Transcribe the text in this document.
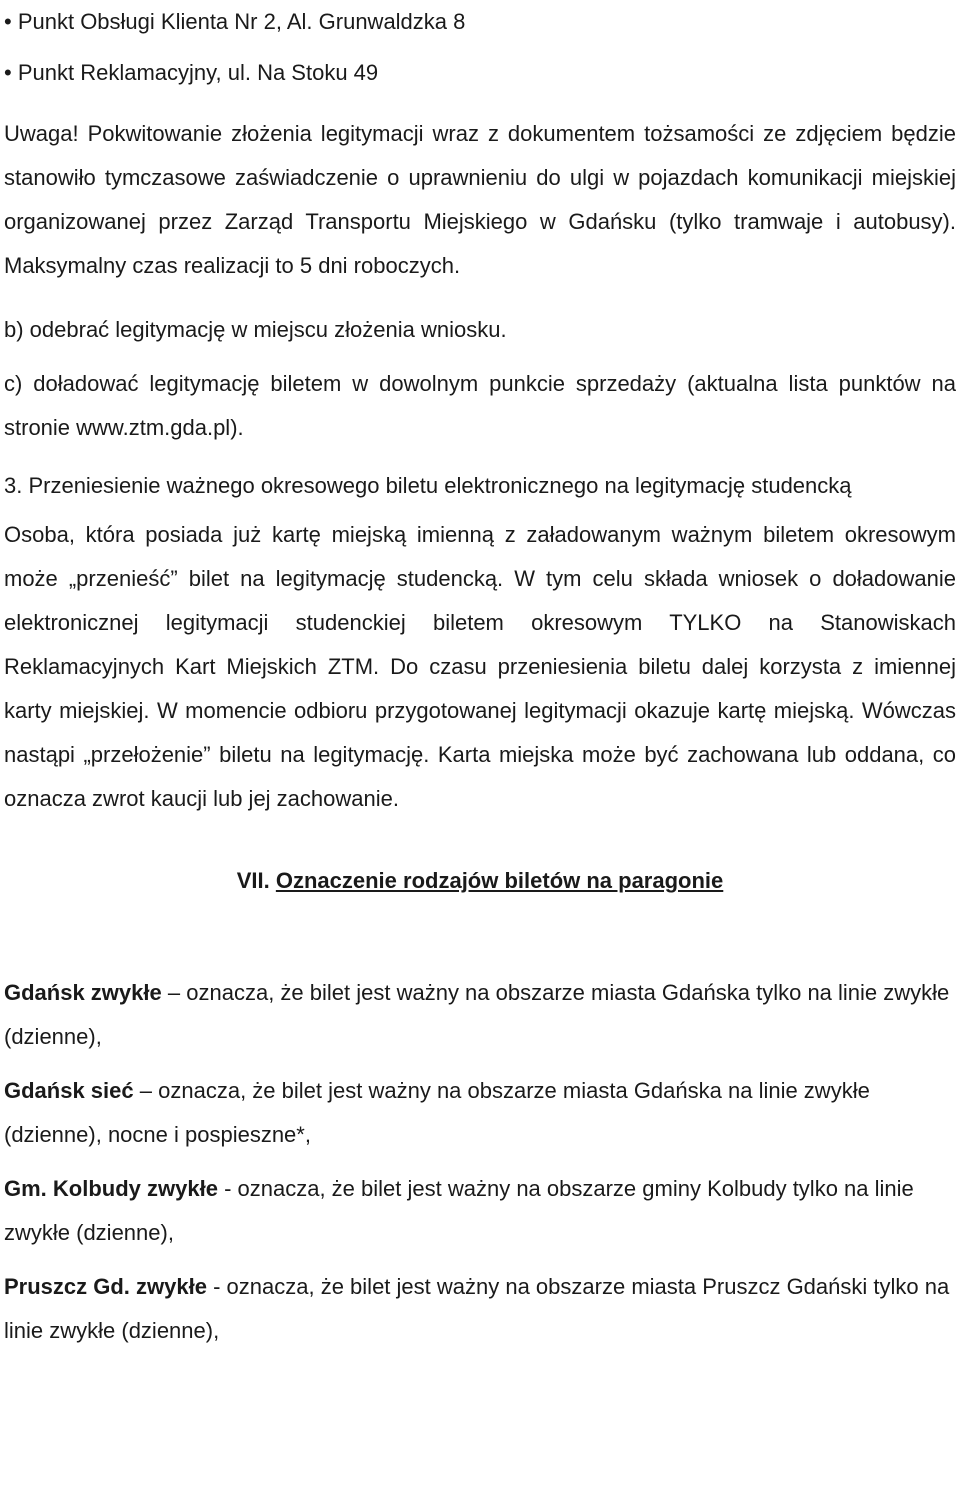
• Punkt Obsługi Klienta Nr 2, Al. Grunwaldzka 8

• Punkt Reklamacyjny, ul. Na Stoku 49

Uwaga! Pokwitowanie złożenia legitymacji wraz z dokumentem tożsamości ze zdjęciem będzie stanowiło tymczasowe zaświadczenie o uprawnieniu do ulgi w pojazdach komunikacji miejskiej organizowanej przez Zarząd Transportu Miejskiego w Gdańsku (tylko tramwaje i autobusy). Maksymalny czas realizacji to 5 dni roboczych.

b) odebrać legitymację w miejscu złożenia wniosku.

c) doładować legitymację biletem w dowolnym punkcie sprzedaży (aktualna lista punktów na stronie www.ztm.gda.pl).

3. Przeniesienie ważnego okresowego biletu elektronicznego na legitymację studencką

Osoba, która posiada już kartę miejską imienną z załadowanym ważnym biletem okresowym może „przenieść” bilet na legitymację studencką. W tym celu składa wniosek o doładowanie elektronicznej legitymacji studenckiej biletem okresowym TYLKO na Stanowiskach Reklamacyjnych Kart Miejskich ZTM. Do czasu przeniesienia biletu dalej korzysta z imiennej karty miejskiej. W momencie odbioru przygotowanej legitymacji okazuje kartę miejską. Wówczas nastąpi „przełożenie” biletu na legitymację. Karta miejska może być zachowana lub oddana, co oznacza zwrot kaucji lub jej zachowanie.

VII. Oznaczenie rodzajów biletów na paragonie

Gdańsk zwykłe – oznacza, że bilet jest ważny na obszarze miasta Gdańska tylko na linie zwykłe (dzienne),

Gdańsk sieć – oznacza, że bilet jest ważny na obszarze miasta Gdańska na linie zwykłe (dzienne), nocne i pospieszne*,

Gm. Kolbudy zwykłe - oznacza, że bilet jest ważny na obszarze gminy Kolbudy tylko na linie zwykłe (dzienne),

Pruszcz Gd. zwykłe - oznacza, że bilet jest ważny na obszarze miasta Pruszcz Gdański tylko na linie zwykłe (dzienne),
